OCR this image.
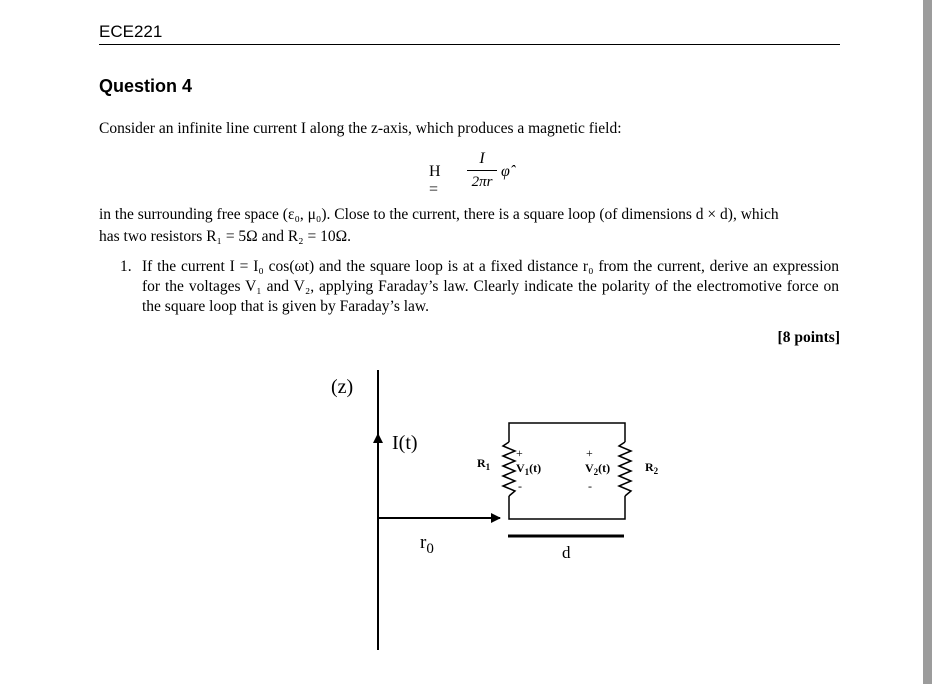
ECE221
Question 4
Consider an infinite line current I along the z-axis, which produces a magnetic field:
H =
I
2πr
φ̂
in the surrounding free space (ε₀, μ₀). Close to the current, there is a square loop (of dimensions d × d), which
has two resistors R₁ = 5Ω and R₂ = 10Ω.
1. If the current I = I₀ cos(ωt) and the square loop is at a fixed distance r₀ from the current, derive an expression for the voltages V₁ and V₂, applying Faraday’s law. Clearly indicate the polarity of the electromotive force on the square loop that is given by Faraday’s law.
[8 points]
(z)
I(t)
$r_0$
$R_1$	$R_2$
+
$V_1(t)$
-
+
$V_2(t)$
-
d
